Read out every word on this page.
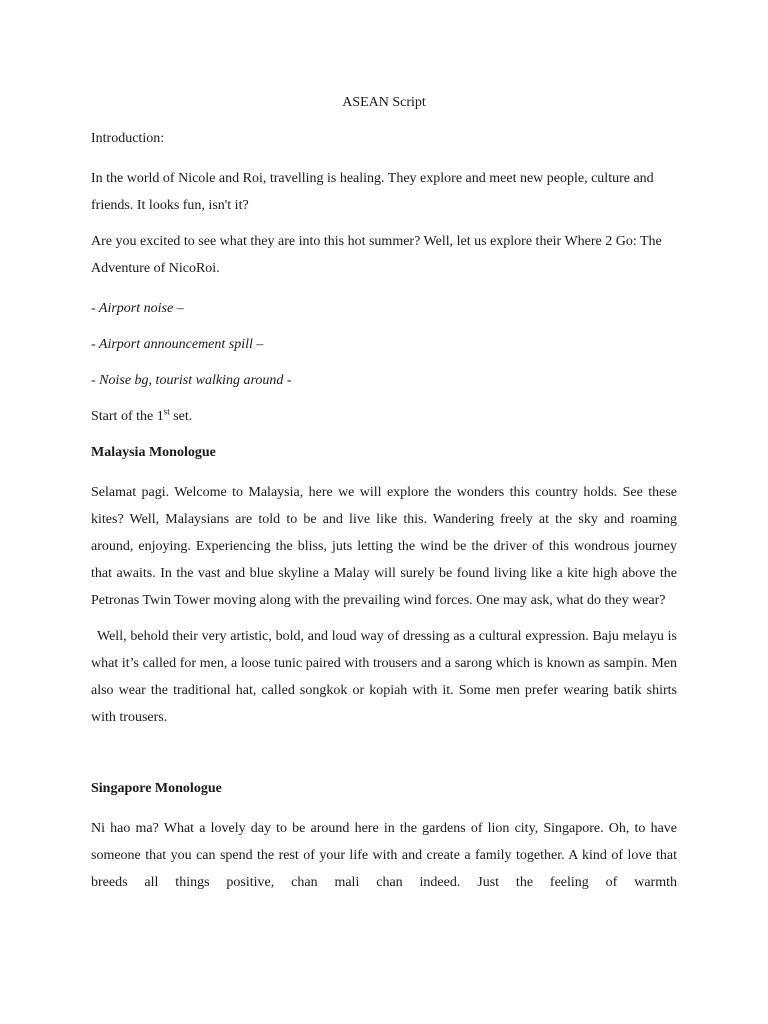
ASEAN Script

Introduction:

In the world of Nicole and Roi, travelling is healing. They explore and meet new people, culture and friends. It looks fun, isn't it?

Are you excited to see what they are into this hot summer? Well, let us explore their Where 2 Go: The Adventure of NicoRoi.

- Airport noise –

- Airport announcement spill –

- Noise bg, tourist walking around -

Start of the 1st set.

Malaysia Monologue

Selamat pagi. Welcome to Malaysia, here we will explore the wonders this country holds. See these kites? Well, Malaysians are told to be and live like this. Wandering freely at the sky and roaming around, enjoying. Experiencing the bliss, juts letting the wind be the driver of this wondrous journey that awaits. In the vast and blue skyline a Malay will surely be found living like a kite high above the Petronas Twin Tower moving along with the prevailing wind forces. One may ask, what do they wear?

Well, behold their very artistic, bold, and loud way of dressing as a cultural expression. Baju melayu is what it’s called for men, a loose tunic paired with trousers and a sarong which is known as sampin. Men also wear the traditional hat, called songkok or kopiah with it. Some men prefer wearing batik shirts with trousers.

Singapore Monologue

Ni hao ma? What a lovely day to be around here in the gardens of lion city, Singapore. Oh, to have someone that you can spend the rest of your life with and create a family together. A kind of love that breeds all things positive, chan mali chan indeed. Just the feeling of warmth
